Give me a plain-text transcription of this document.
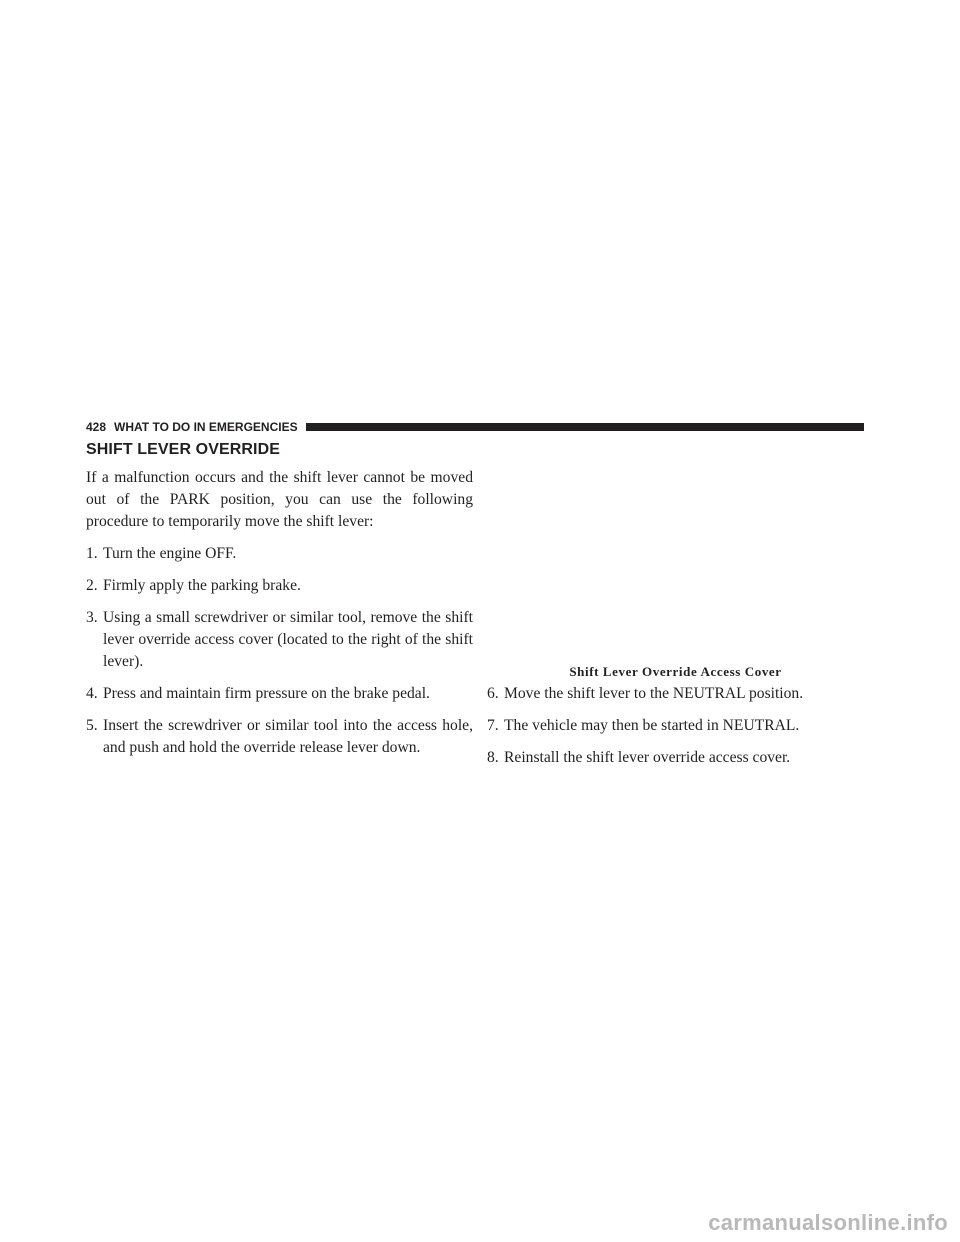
428 WHAT TO DO IN EMERGENCIES
SHIFT LEVER OVERRIDE

If a malfunction occurs and the shift lever cannot be moved out of the PARK position, you can use the following procedure to temporarily move the shift lever:

1. Turn the engine OFF.
2. Firmly apply the parking brake.
3. Using a small screwdriver or similar tool, remove the shift lever override access cover (located to the right of the shift lever).
4. Press and maintain firm pressure on the brake pedal.
5. Insert the screwdriver or similar tool into the access hole, and push and hold the override release lever down.
Shift Lever Override Access Cover
6. Move the shift lever to the NEUTRAL position.
7. The vehicle may then be started in NEUTRAL.
8. Reinstall the shift lever override access cover.
carmanualsonline.info
